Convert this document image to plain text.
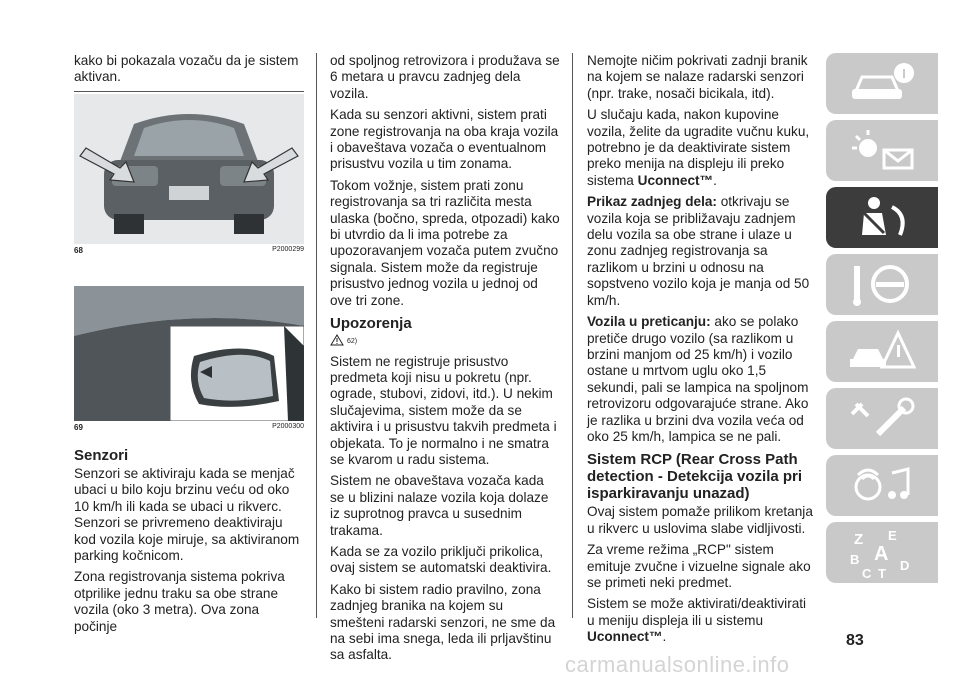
kako bi pokazala vozaču da je sistem aktivan.

68	P2000299
69	P2000300
Senzori

Senzori se aktiviraju kada se menjač ubaci u bilo koju brzinu veću od oko 10 km/h ili kada se ubaci u rikverc. Senzori se privremeno deaktiviraju kod vozila koje miruje, sa aktiviranom parking kočnicom.

Zona registrovanja sistema pokriva otprilike jednu traku sa obe strane vozila (oko 3 metra). Ova zona počinje

od spoljnog retrovizora i produžava se 6 metara u pravcu zadnjeg dela vozila.

Kada su senzori aktivni, sistem prati zone registrovanja na oba kraja vozila i obaveštava vozača o eventualnom prisustvu vozila u tim zonama.

Tokom vožnje, sistem prati zonu registrovanja sa tri različita mesta ulaska (bočno, spreda, otpozadi) kako bi utvrdio da li ima potrebe za upozoravanjem vozača putem zvučno signala. Sistem može da registruje prisustvo jednog vozila u jednoj od ove tri zone.

Upozorenja
62)

Sistem ne registruje prisustvo predmeta koji nisu u pokretu (npr. ograde, stubovi, zidovi, itd.). U nekim slučajevima, sistem može da se aktivira i u prisustvu takvih predmeta i objekata. To je normalno i ne smatra se kvarom u radu sistema.

Sistem ne obaveštava vozača kada se u blizini nalaze vozila koja dolaze iz suprotnog pravca u susednim trakama.

Kada se za vozilo priključi prikolica, ovaj sistem se automatski deaktivira.

Kako bi sistem radio pravilno, zona zadnjeg branika na kojem su smešteni radarski senzori, ne sme da na sebi ima snega, leda ili prljavštinu sa asfalta.

Nemojte ničim pokrivati zadnji branik na kojem se nalaze radarski senzori (npr. trake, nosači bicikala, itd).

U slučaju kada, nakon kupovine vozila, želite da ugradite vučnu kuku, potrebno je da deaktivirate sistem preko menija na displeju ili preko sistema Uconnect™.

Prikaz zadnjeg dela: otkrivaju se vozila koja se približavaju zadnjem delu vozila sa obe strane i ulaze u zonu zadnjeg registrovanja sa razlikom u brzini u odnosu na sopstveno vozilo koja je manja od 50 km/h.

Vozila u preticanju: ako se polako pretiče drugo vozilo (sa razlikom u brzini manjom od 25 km/h) i vozilo ostane u mrtvom uglu oko 1,5 sekundi, pali se lampica na spoljnom retrovizoru odgovarajuće strane. Ako je razlika u brzini dva vozila veća od oko 25 km/h, lampica se ne pali.

Sistem RCP (Rear Cross Path detection - Detekcija vozila pri isparkiravanju unazad)

Ovaj sistem pomaže prilikom kretanja u rikverc u uslovima slabe vidljivosti.

Za vreme režima „RCP" sistem emituje zvučne i vizuelne signale ako se primeti neki predmet.

Sistem se može aktivirati/deaktivirati u meniju displeja ili u sistemu Uconnect™.

Z E
B A
C T
D
83
carmanualsonline.info
